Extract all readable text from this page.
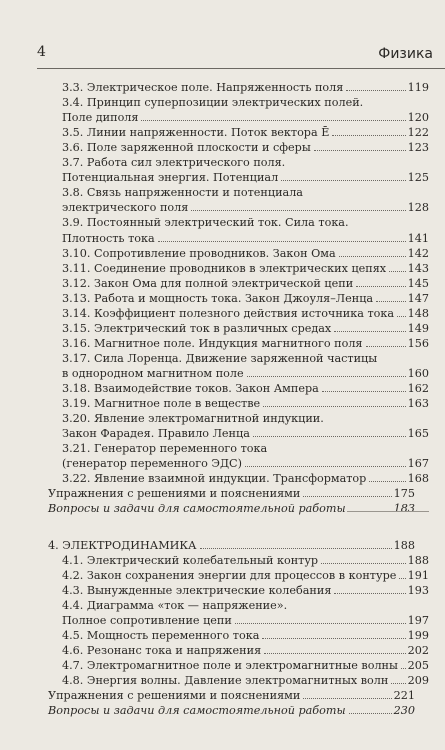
4	Физика
3.3. Электрическое поле. Напряженность поля	119
3.4. Принцип суперпозиции электрических полей.
Поле диполя	120
3.5. Линии напряженности. Поток вектора Ē	122
3.6. Поле заряженной плоскости и сферы	123
3.7. Работа сил электрического поля.
Потенциальная энергия. Потенциал	125
3.8. Связь напряженности и потенциала
электрического поля	128
3.9. Постоянный электрический ток. Сила тока.
Плотность тока	141
3.10. Сопротивление проводников. Закон Ома	142
3.11. Соединение проводников в электрических цепях 143
3.12. Закон Ома для полной электрической цепи	145
3.13. Работа и мощность тока. Закон Джоуля–Ленца	147
3.14. Коэффициент полезного действия источника тока 148
3.15. Электрический ток в различных средах	149
3.16. Магнитное поле. Индукция магнитного поля	156
3.17. Сила Лоренца. Движение заряженной частицы
в однородном магнитном поле	160
3.18. Взаимодействие токов. Закон Ампера	162
3.19. Магнитное поле в веществе	163
3.20. Явление электромагнитной индукции.
Закон Фарадея. Правило Ленца	165
3.21. Генератор переменного тока
(генератор переменного ЭДС)	167
3.22. Явление взаимной индукции. Трансформатор	168
Упражнения с решениями и пояснениями	175
Вопросы и задачи для самостоятельной работы	183
4. ЭЛЕКТРОДИНАМИКА	188
4.1. Электрический колебательный контур	188
4.2. Закон сохранения энергии для процессов в контуре 191
4.3. Вынужденные электрические колебания	193
4.4. Диаграмма «ток — напряжение».
Полное сопротивление цепи	197
4.5. Мощность переменного тока	199
4.6. Резонанс тока и напряжения	202
4.7. Электромагнитное поле и электромагнитные волны 205
4.8. Энергия волны. Давление электромагнитных волн 209
Упражнения с решениями и пояснениями	221
Вопросы и задачи для самостоятельной работы	230
